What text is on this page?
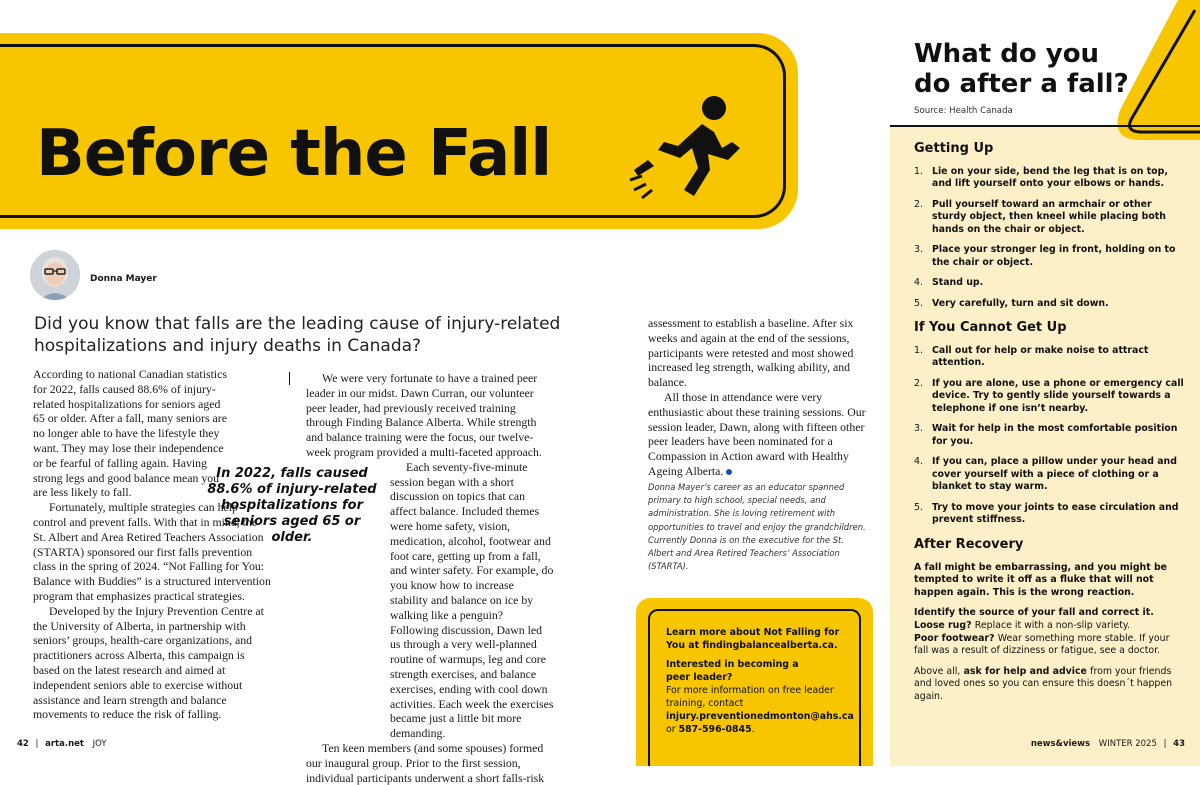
Before the Fall
Donna Mayer
Did you know that falls are the leading cause of injury-related hospitalizations and injury deaths in Canada?

According to national Canadian statistics for 2022, falls caused 88.6% of injury-related hospitalizations for seniors aged 65 or older. After a fall, many seniors are no longer able to have the lifestyle they want. They may lose their independence or be fearful of falling again. Having strong legs and good balance mean you are less likely to fall.

Fortunately, multiple strategies can help control and prevent falls. With that in mind, the St. Albert and Area Retired Teachers Association (STARTA) sponsored our first falls prevention class in the spring of 2024. “Not Falling for You: Balance with Buddies” is a structured intervention program that emphasizes practical strategies.

Developed by the Injury Prevention Centre at the University of Alberta, in partnership with seniors’ groups, health-care organizations, and practitioners across Alberta, this campaign is based on the latest research and aimed at independent seniors able to exercise without assistance and learn strength and balance movements to reduce the risk of falling.

We were very fortunate to have a trained peer leader in our midst. Dawn Curran, our volunteer peer leader, had previously received training through Finding Balance Alberta. While strength and balance training were the focus, our twelve-week program provided a multi-faceted approach.

Each seventy-five-minute session began with a short discussion on topics that can affect balance. Included themes were home safety, vision, medication, alcohol, footwear and foot care, getting up from a fall, and winter safety. For example, do you know how to increase stability and balance on ice by walking like a penguin? Following discussion, Dawn led us through a very well-planned routine of warmups, leg and core strength exercises, and balance exercises, ending with cool down activities. Each week the exercises became just a little bit more demanding.

Ten keen members (and some spouses) formed our inaugural group. Prior to the first session, individual participants underwent a short falls-risk

In 2022, falls caused 88.6% of injury-related hospitalizations for seniors aged 65 or older.

assessment to establish a baseline. After six weeks and again at the end of the sessions, participants were retested and most showed increased leg strength, walking ability, and balance.

All those in attendance were very enthusiastic about these training sessions. Our session leader, Dawn, along with fifteen other peer leaders have been nominated for a Compassion in Action award with Healthy Ageing Alberta.

Donna Mayer’s career as an educator spanned primary to high school, special needs, and administration. She is loving retirement with opportunities to travel and enjoy the grandchildren. Currently Donna is on the executive for the St. Albert and Area Retired Teachers’ Association (STARTA).
Learn more about Not Falling for You at findingbalancealberta.ca.
Interested in becoming a peer leader?
For more information on free leader training, contact injury.preventionedmonton@ahs.ca or 587-596-0845.
42 | arta.net JOY
What do you do after a fall?
Source: Health Canada
Getting Up
1. Lie on your side, bend the leg that is on top, and lift yourself onto your elbows or hands.
2. Pull yourself toward an armchair or other sturdy object, then kneel while placing both hands on the chair or object.
3. Place your stronger leg in front, holding on to the chair or object.
4. Stand up.
5. Very carefully, turn and sit down.
If You Cannot Get Up
1. Call out for help or make noise to attract attention.
2. If you are alone, use a phone or emergency call device. Try to gently slide yourself towards a telephone if one isn’t nearby.
3. Wait for help in the most comfortable position for you.
4. If you can, place a pillow under your head and cover yourself with a piece of clothing or a blanket to stay warm.
5. Try to move your joints to ease circulation and prevent stiffness.
After Recovery

A fall might be embarrassing, and you might be tempted to write it off as a fluke that will not happen again. This is the wrong reaction.

Identify the source of your fall and correct it.

Loose rug? Replace it with a non-slip variety.

Poor footwear? Wear something more stable. If your fall was a result of dizziness or fatigue, see a doctor.

Above all, ask for help and advice from your friends and loved ones so you can ensure this doesn´t happen again.

news&views WINTER 2025 | 43
